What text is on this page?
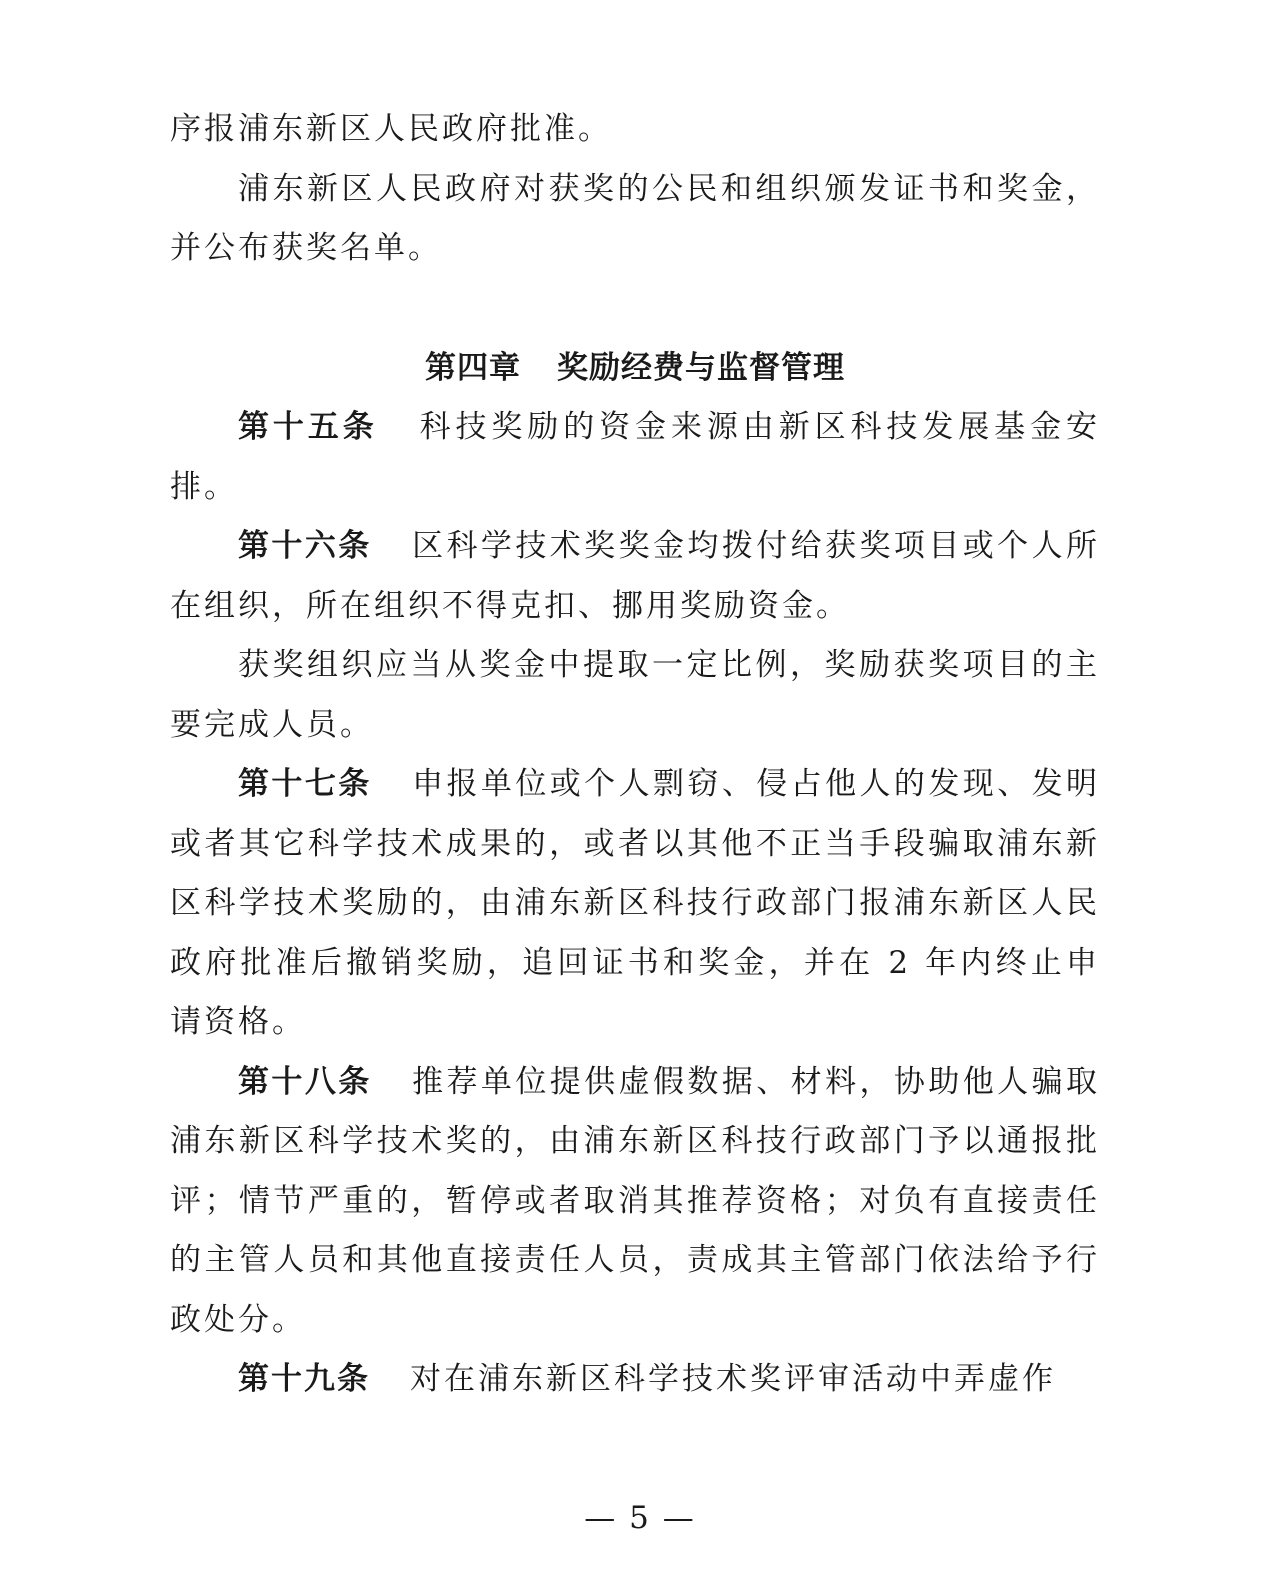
序报浦东新区人民政府批准。

浦东新区人民政府对获奖的公民和组织颁发证书和奖金，并公布获奖名单。

第四章 奖励经费与监督管理

第十五条 科技奖励的资金来源由新区科技发展基金安排。

第十六条 区科学技术奖奖金均拨付给获奖项目或个人所在组织，所在组织不得克扣、挪用奖励资金。

获奖组织应当从奖金中提取一定比例，奖励获奖项目的主要完成人员。

第十七条 申报单位或个人剽窃、侵占他人的发现、发明或者其它科学技术成果的，或者以其他不正当手段骗取浦东新区科学技术奖励的，由浦东新区科技行政部门报浦东新区人民政府批准后撤销奖励，追回证书和奖金，并在 2 年内终止申请资格。

第十八条 推荐单位提供虚假数据、材料，协助他人骗取浦东新区科学技术奖的，由浦东新区科技行政部门予以通报批评；情节严重的，暂停或者取消其推荐资格；对负有直接责任的主管人员和其他直接责任人员，责成其主管部门依法给予行政处分。

第十九条 对在浦东新区科学技术奖评审活动中弄虚作

— 5 —
